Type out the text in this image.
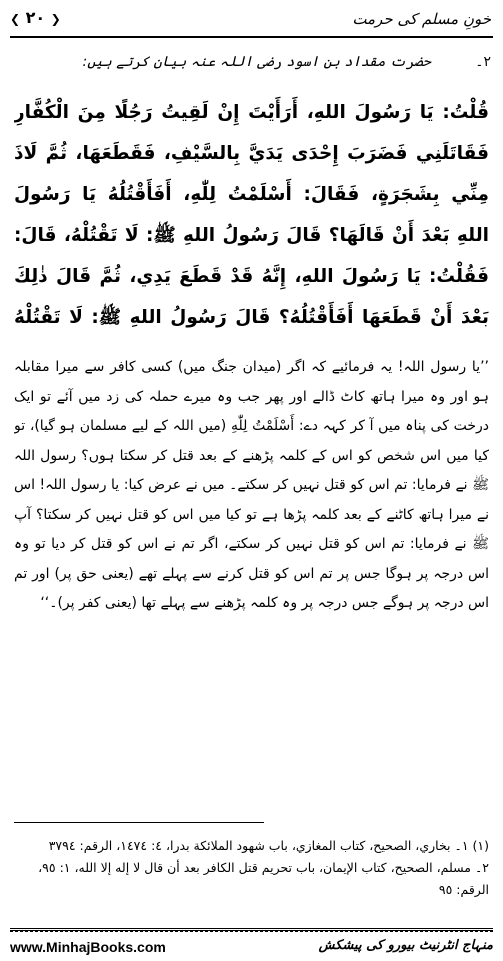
خونِ مسلم کی حرمت
❮ ٢٠ ❯
٢۔ حضرت مقداد بن اسود رضی اللہ عنہ بیان کرتے ہیں:
قُلْتُ: يَا رَسُولَ اللهِ، أَرَأَيْتَ إِنْ لَقِيتُ رَجُلًا مِنَ الْكُفَّارِ فَقَاتَلَنِي فَضَرَبَ إِحْدَى يَدَيَّ بِالسَّيْفِ، فَقَطَعَهَا، ثُمَّ لَاذَ مِنِّي بِشَجَرَةٍ، فَقَالَ: أَسْلَمْتُ لِلّٰهِ، أَفَأَقْتُلُهُ يَا رَسُولَ اللهِ بَعْدَ أَنْ قَالَهَا؟ قَالَ رَسُولُ اللهِ ﷺ: لَا تَقْتُلْهُ، قَالَ: فَقُلْتُ: يَا رَسُولَ اللهِ، إِنَّهُ قَدْ قَطَعَ يَدِي، ثُمَّ قَالَ ذٰلِكَ بَعْدَ أَنْ قَطَعَهَا أَفَأَقْتُلُهُ؟ قَالَ رَسُولُ اللهِ ﷺ: لَا تَقْتُلْهُ
’’یا رسول اللہ! یہ فرمائیے کہ اگر (میدان جنگ میں) کسی کافر سے میرا مقابلہ ہو اور وہ میرا ہاتھ کاٹ ڈالے اور پھر جب وہ میرے حملہ کی زد میں آئے تو ایک درخت کی پناہ میں آ کر کہہ دے: أَسْلَمْتُ لِلّٰهِ (میں اللہ کے لیے مسلمان ہو گیا)، تو کیا میں اس شخص کو اس کے کلمہ پڑھنے کے بعد قتل کر سکتا ہوں؟ رسول اللہ ﷺ نے فرمایا: تم اس کو قتل نہیں کر سکتے۔ میں نے عرض کیا: یا رسول اللہ! اس نے میرا ہاتھ کاٹنے کے بعد کلمہ پڑھا ہے تو کیا میں اس کو قتل نہیں کر سکتا؟ آپ ﷺ نے فرمایا: تم اس کو قتل نہیں کر سکتے، اگر تم نے اس کو قتل کر دیا تو وہ اس درجہ پر ہوگا جس پر تم اس کو قتل کرنے سے پہلے تھے (یعنی حق پر) اور تم اس درجہ پر ہوگے جس درجہ پر وہ کلمہ پڑھنے سے پہلے تھا (یعنی کفر پر)۔‘‘

(١) ١۔ بخاري، الصحيح، كتاب المغازي، باب شهود الملائكة بدرا، ٤: ١٤٧٤، الرقم: ٣٧٩٤

٢۔ مسلم، الصحيح، كتاب الإيمان، باب تحريم قتل الكافر بعد أن قال لا إله إلا الله، ١: ٩٥، الرقم: ٩٥

www.MinhajBooks.com	منہاج انٹرنیٹ بیورو کی پیشکش
